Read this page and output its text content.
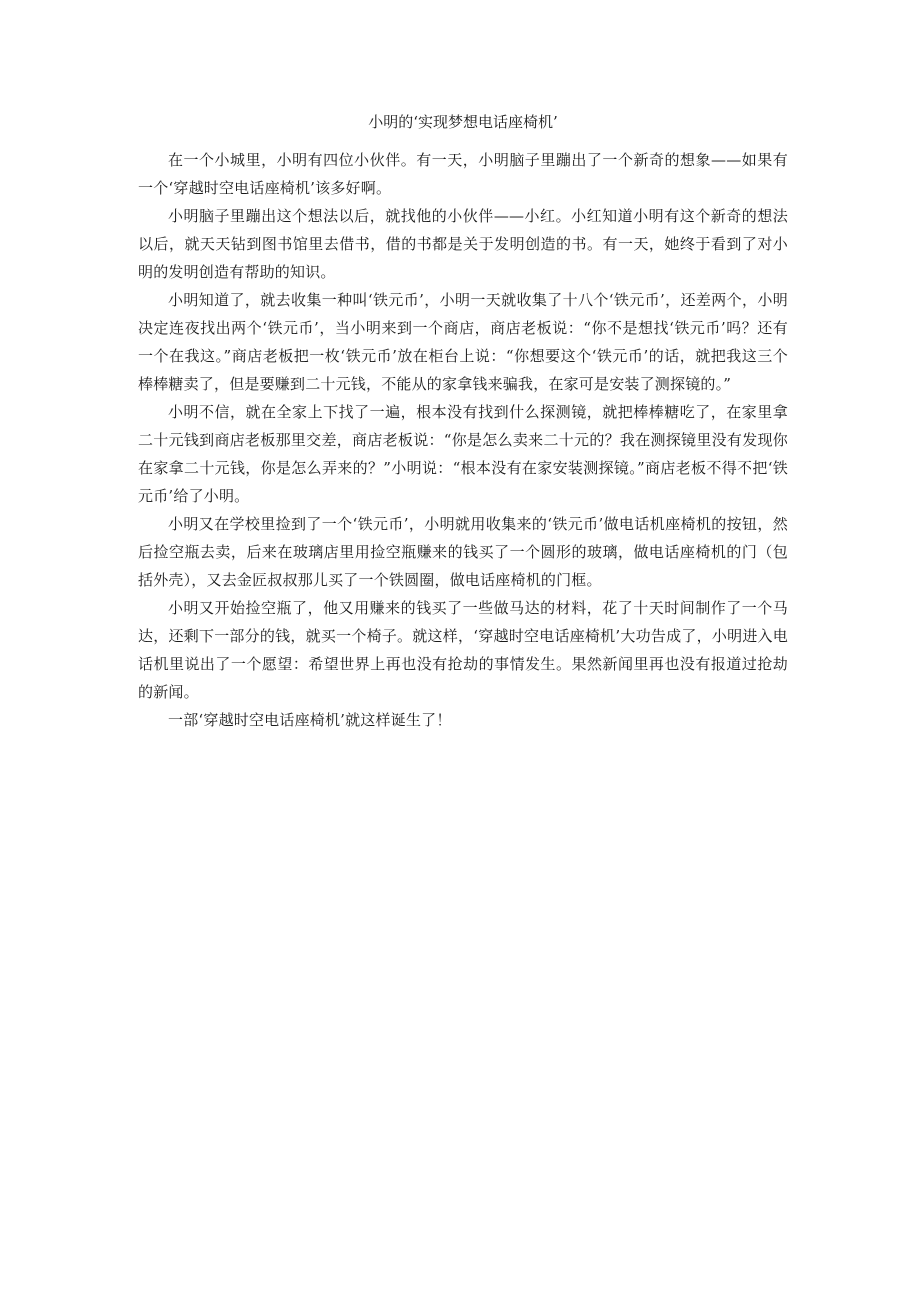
小明的‘实现梦想电话座椅机’

在一个小城里，小明有四位小伙伴。有一天，小明脑子里蹦出了一个新奇的想象——如果有一个‘穿越时空电话座椅机’该多好啊。

小明脑子里蹦出这个想法以后，就找他的小伙伴——小红。小红知道小明有这个新奇的想法以后，就天天钻到图书馆里去借书，借的书都是关于发明创造的书。有一天，她终于看到了对小明的发明创造有帮助的知识。

小明知道了，就去收集一种叫‘铁元币’，小明一天就收集了十八个‘铁元币’，还差两个，小明决定连夜找出两个‘铁元币’，当小明来到一个商店，商店老板说：“你不是想找‘铁元币’吗？还有一个在我这。”商店老板把一枚‘铁元币’放在柜台上说：“你想要这个‘铁元币’的话，就把我这三个棒棒糖卖了，但是要赚到二十元钱，不能从的家拿钱来骗我，在家可是安装了测探镜的。”

小明不信，就在全家上下找了一遍，根本没有找到什么探测镜，就把棒棒糖吃了，在家里拿二十元钱到商店老板那里交差，商店老板说：“你是怎么卖来二十元的？我在测探镜里没有发现你在家拿二十元钱，你是怎么弄来的？”小明说：“根本没有在家安装测探镜。”商店老板不得不把‘铁元币’给了小明。

小明又在学校里捡到了一个‘铁元币’，小明就用收集来的‘铁元币’做电话机座椅机的按钮，然后捡空瓶去卖，后来在玻璃店里用捡空瓶赚来的钱买了一个圆形的玻璃，做电话座椅机的门（包括外壳），又去金匠叔叔那儿买了一个铁圆圈，做电话座椅机的门框。

小明又开始捡空瓶了，他又用赚来的钱买了一些做马达的材料，花了十天时间制作了一个马达，还剩下一部分的钱，就买一个椅子。就这样，‘穿越时空电话座椅机’大功告成了，小明进入电话机里说出了一个愿望：希望世界上再也没有抢劫的事情发生。果然新闻里再也没有报道过抢劫的新闻。

一部‘穿越时空电话座椅机’就这样诞生了！
